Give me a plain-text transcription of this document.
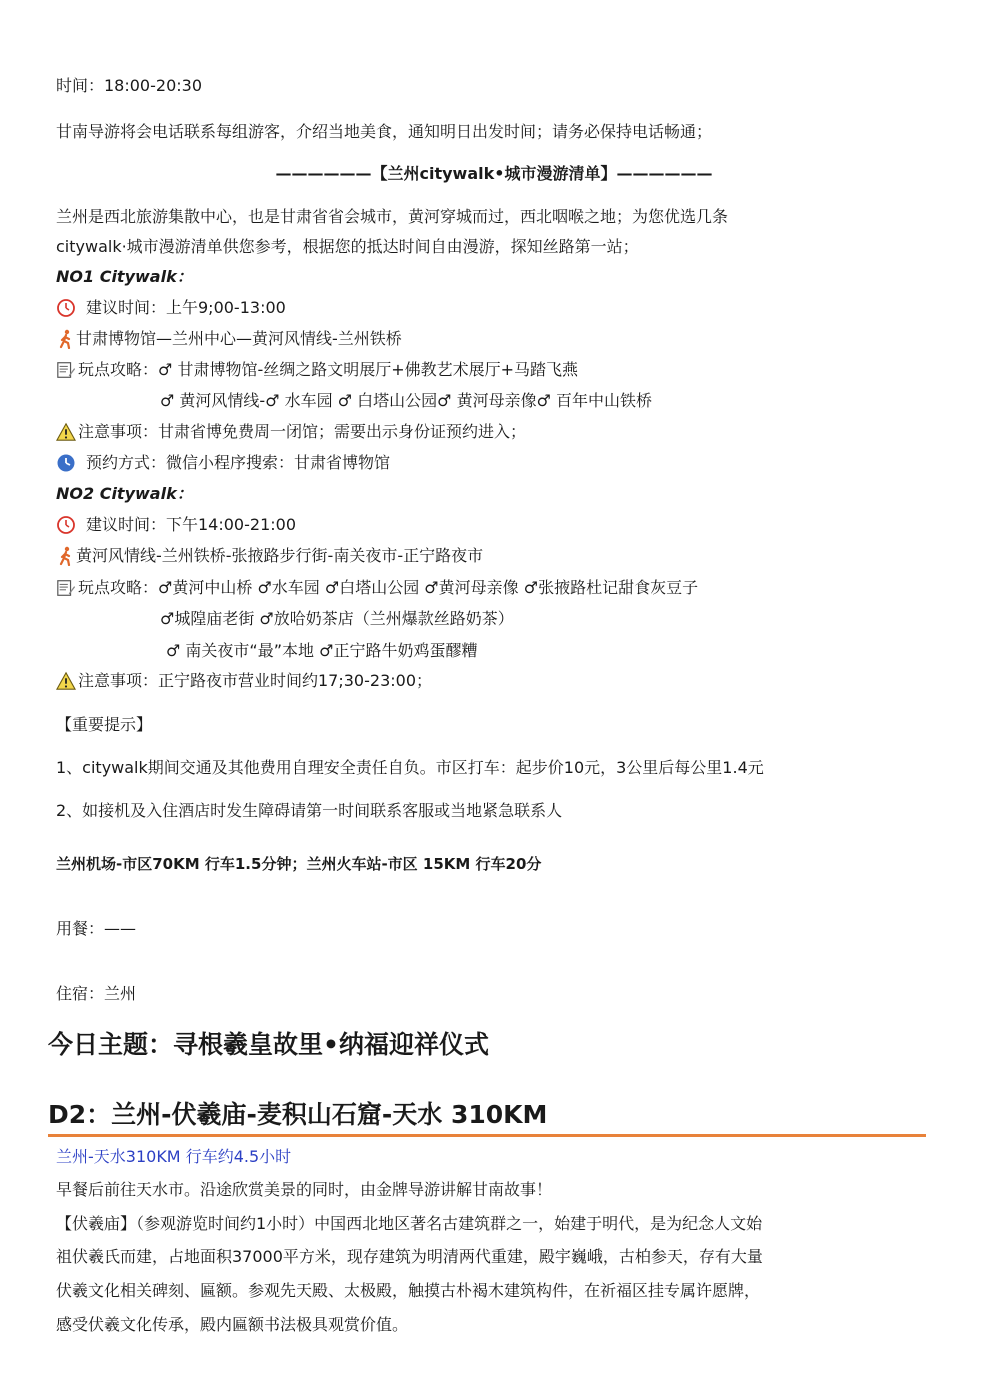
时间：18:00-20:30
甘南导游将会电话联系每组游客，介绍当地美食，通知明日出发时间；请务必保持电话畅通；
——————【兰州citywalk•城市漫游清单】——————
兰州是西北旅游集散中心，也是甘肃省省会城市，黄河穿城而过，西北咽喉之地；为您优选几条
citywalk·城市漫游清单供您参考，根据您的抵达时间自由漫游，探知丝路第一站；
NO1 Citywalk：
建议时间：上午9;00-13:00
甘肃博物馆—兰州中心—黄河风情线-兰州铁桥
玩点攻略： ♂ 甘肃博物馆-丝绸之路文明展厅+佛教艺术展厅+马踏飞燕
♂ 黄河风情线-♂ 水车园 ♂ 白塔山公园♂ 黄河母亲像♂ 百年中山铁桥
注意事项：甘肃省博免费周一闭馆；需要出示身份证预约进入；
预约方式：微信小程序搜索：甘肃省博物馆
NO2 Citywalk：
建议时间：下午14:00-21:00
黄河风情线-兰州铁桥-张掖路步行街-南关夜市-正宁路夜市
玩点攻略： ♂黄河中山桥 ♂水车园 ♂白塔山公园 ♂黄河母亲像 ♂张掖路杜记甜食灰豆子
♂城隍庙老街 ♂放哈奶茶店（兰州爆款丝路奶茶）
♂ 南关夜市“最”本地 ♂正宁路牛奶鸡蛋醪糟
注意事项：正宁路夜市营业时间约17;30-23:00；
【重要提示】
1、citywalk期间交通及其他费用自理安全责任自负。市区打车：起步价10元，3公里后每公里1.4元
2、如接机及入住酒店时发生障碍请第一时间联系客服或当地紧急联系人
兰州机场-市区70KM 行车1.5分钟；兰州火车站-市区 15KM 行车20分
用餐：——
住宿：兰州
今日主题：寻根羲皇故里•纳福迎祥仪式
D2：兰州-伏羲庙-麦积山石窟-天水 310KM
兰州-天水310KM 行车约4.5小时
早餐后前往天水市。沿途欣赏美景的同时，由金牌导游讲解甘南故事！
【伏羲庙】（参观游览时间约1小时）中国西北地区著名古建筑群之一，始建于明代，是为纪念人文始
祖伏羲氏而建，占地面积37000平方米，现存建筑为明清两代重建，殿宇巍峨，古柏参天，存有大量
伏羲文化相关碑刻、匾额。参观先天殿、太极殿，触摸古朴褐木建筑构件，在祈福区挂专属许愿牌，
感受伏羲文化传承，殿内匾额书法极具观赏价值。
